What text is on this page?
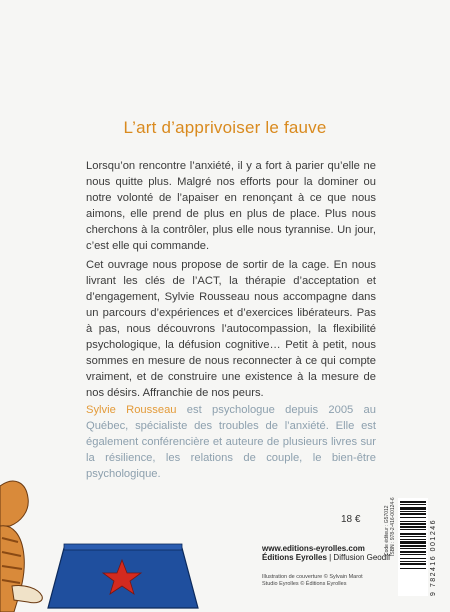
L’art d’apprivoiser le fauve
Lorsqu’on rencontre l’anxiété, il y a fort à parier qu’elle ne nous quitte plus. Malgré nos efforts pour la dominer ou notre volonté de l’apaiser en renonçant à ce que nous aimons, elle prend de plus en plus de place. Plus nous cherchons à la contrôler, plus elle nous tyrannise. Un jour, c’est elle qui commande.
Cet ouvrage nous propose de sortir de la cage. En nous livrant les clés de l’ACT, la thérapie d’acceptation et d’engagement, Sylvie Rousseau nous accompagne dans un parcours d’expériences et d’exercices libérateurs. Pas à pas, nous découvrons l’autocompassion, la flexibilité psychologique, la défusion cognitive… Petit à petit, nous sommes en mesure de nous reconnecter à ce qui compte vraiment, et de construire une existence à la mesure de nos désirs. Affranchie de nos peurs.
Sylvie Rousseau est psychologue depuis 2005 au Québec, spécialiste des troubles de l’anxiété. Elle est également conférencière et auteure de plusieurs livres sur la résilience, les relations de couple, le bien-être psychologique.
18 €
www.editions-eyrolles.com
Éditions Eyrolles | Diffusion Geodif
Illustration de couverture © Sylvain Marot
Studio Eyrolles © Éditions Eyrolles
Code éditeur : G57012 ISBN : 978-2-416-00124-6	9 782416 001246
